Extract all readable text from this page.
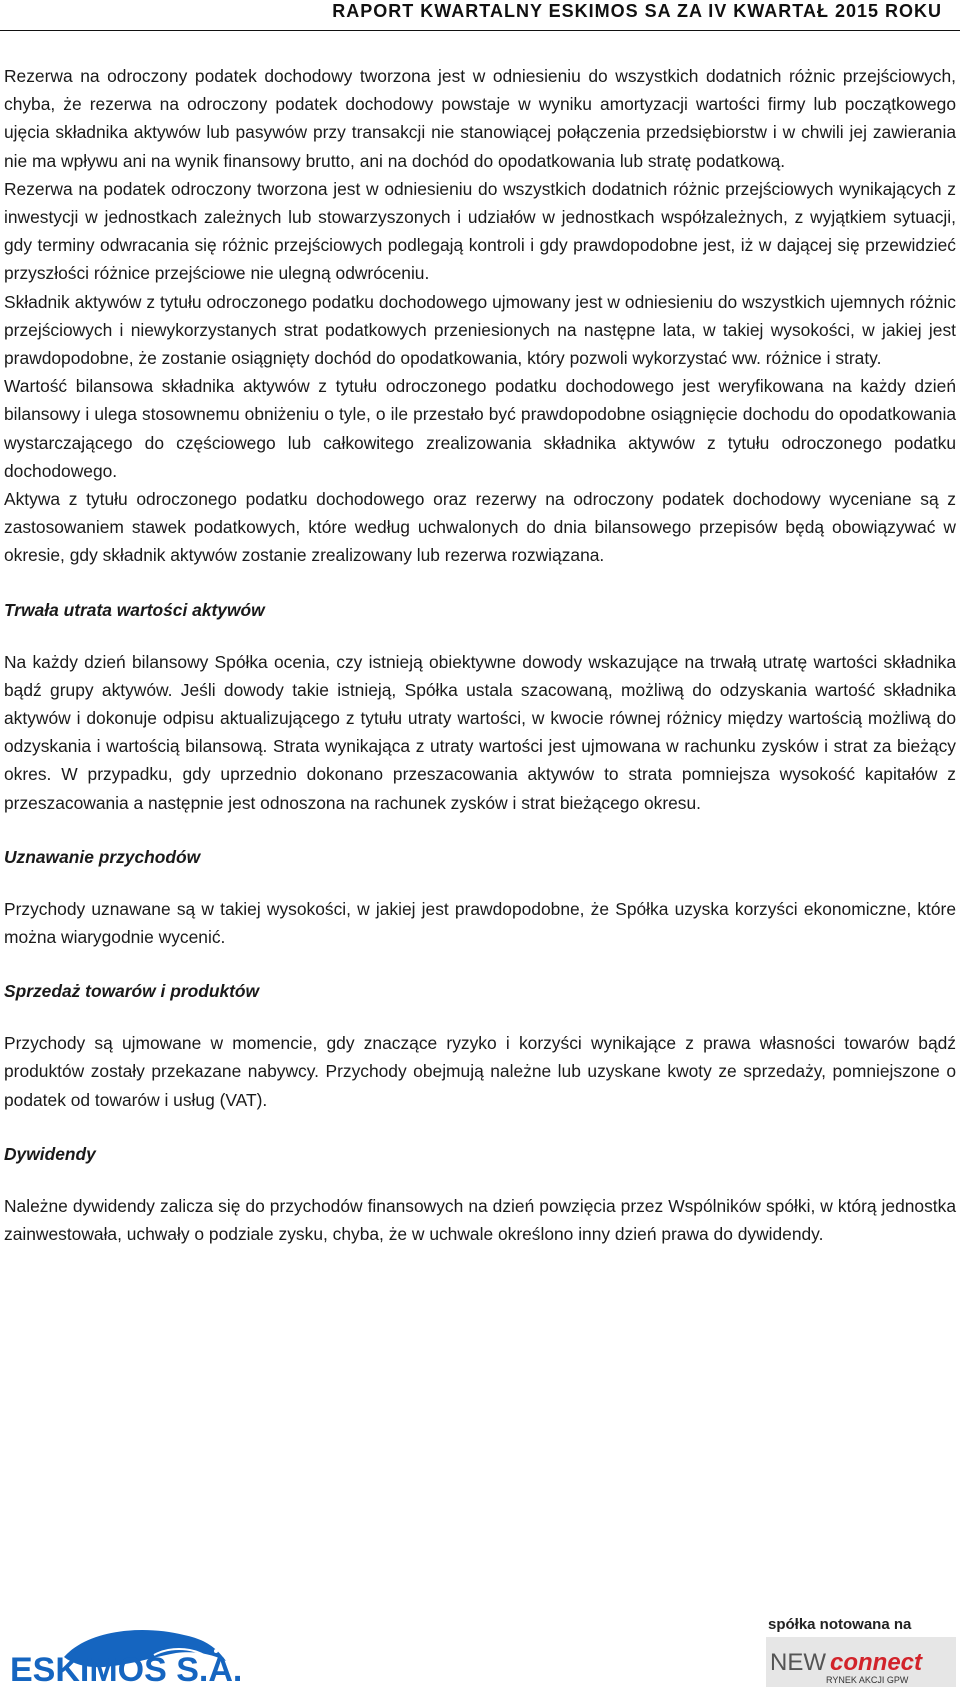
RAPORT KWARTALNY ESKIMOS SA ZA IV KWARTAŁ 2015 ROKU

Rezerwa na odroczony podatek dochodowy tworzona jest w odniesieniu do wszystkich dodatnich różnic przejściowych, chyba, że rezerwa na odroczony podatek dochodowy powstaje w wyniku amortyzacji wartości firmy lub początkowego ujęcia składnika aktywów lub pasywów przy transakcji nie stanowiącej połączenia przedsiębiorstw i w chwili jej zawierania nie ma wpływu ani na wynik finansowy brutto, ani na dochód do opodatkowania lub stratę podatkową.

Rezerwa na podatek odroczony tworzona jest w odniesieniu do wszystkich dodatnich różnic przejściowych wynikających z inwestycji w jednostkach zależnych lub stowarzyszonych i udziałów w jednostkach współzależnych, z wyjątkiem sytuacji, gdy terminy odwracania się różnic przejściowych podlegają kontroli i gdy prawdopodobne jest, iż w dającej się przewidzieć przyszłości różnice przejściowe nie ulegną odwróceniu.

Składnik aktywów z tytułu odroczonego podatku dochodowego ujmowany jest w odniesieniu do wszystkich ujemnych różnic przejściowych i niewykorzystanych strat podatkowych przeniesionych na następne lata, w takiej wysokości, w jakiej jest prawdopodobne, że zostanie osiągnięty dochód do opodatkowania, który pozwoli wykorzystać ww. różnice i straty.

Wartość bilansowa składnika aktywów z tytułu odroczonego podatku dochodowego jest weryfikowana na każdy dzień bilansowy i ulega stosownemu obniżeniu o tyle, o ile przestało być prawdopodobne osiągnięcie dochodu do opodatkowania wystarczającego do częściowego lub całkowitego zrealizowania składnika aktywów z tytułu odroczonego podatku dochodowego.

Aktywa z tytułu odroczonego podatku dochodowego oraz rezerwy na odroczony podatek dochodowy wyceniane są z zastosowaniem stawek podatkowych, które według uchwalonych do dnia bilansowego przepisów będą obowiązywać w okresie, gdy składnik aktywów zostanie zrealizowany lub rezerwa rozwiązana.

Trwała utrata wartości aktywów

Na każdy dzień bilansowy Spółka ocenia, czy istnieją obiektywne dowody wskazujące na trwałą utratę wartości składnika bądź grupy aktywów. Jeśli dowody takie istnieją, Spółka ustala szacowaną, możliwą do odzyskania wartość składnika aktywów i dokonuje odpisu aktualizującego z tytułu utraty wartości, w kwocie równej różnicy między wartością możliwą do odzyskania i wartością bilansową. Strata wynikająca z utraty wartości jest ujmowana w rachunku zysków i strat za bieżący okres. W przypadku, gdy uprzednio dokonano przeszacowania aktywów to strata pomniejsza wysokość kapitałów z przeszacowania a następnie jest odnoszona na rachunek zysków i strat bieżącego okresu.

Uznawanie przychodów

Przychody uznawane są w takiej wysokości, w jakiej jest prawdopodobne, że Spółka uzyska korzyści ekonomiczne, które można wiarygodnie wycenić.

Sprzedaż towarów i produktów

Przychody są ujmowane w momencie, gdy znaczące ryzyko i korzyści wynikające z prawa własności towarów bądź produktów zostały przekazane nabywcy. Przychody obejmują należne lub uzyskane kwoty ze sprzedaży, pomniejszone o podatek od towarów i usług (VAT).

Dywidendy

Należne dywidendy zalicza się do przychodów finansowych na dzień powzięcia przez Wspólników spółki, w którą jednostka zainwestowała, uchwały o podziale zysku, chyba, że w uchwale określono inny dzień prawa do dywidendy.

ESKIMOS S.A.
spółka notowana na
NEW connect
RYNEK AKCJI GPW
